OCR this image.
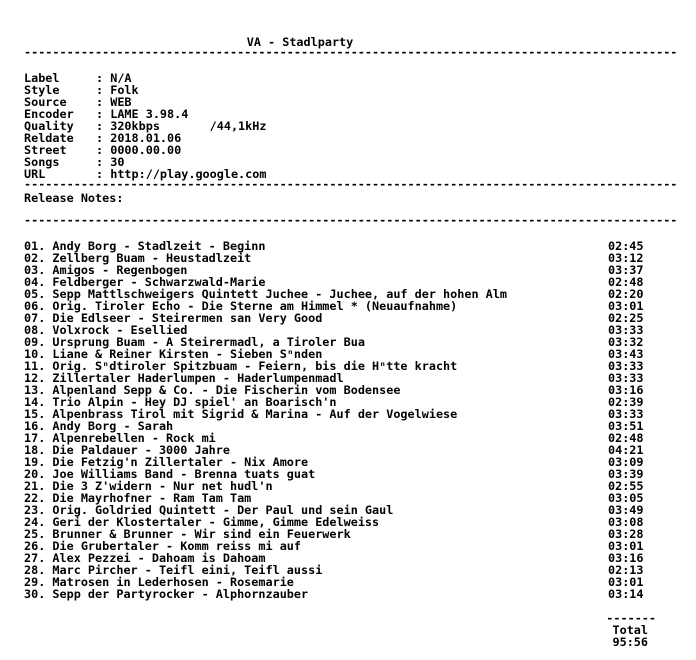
VA - Stadlparty
--------------------------------------------------------------------------------------------
Label	: N/A
Style	: Folk
Source : WEB
Encoder : LAME 3.98.4
Quality : 320kbps       /44,1kHz
Reldate : 2018.01.06
Street : 0000.00.00
Songs	: 30
URL	: http://play.google.com
--------------------------------------------------------------------------------------------
Release Notes:
--------------------------------------------------------------------------------------------
01. Andy Borg - Stadlzeit - Beginn	02:45
02. Zellberg Buam - Heustadlzeit	03:12
03. Amigos - Regenbogen	03:37
04. Feldberger - Schwarzwald-Marie	02:48
05. Sepp Mattlschweigers Quintett Juchee - Juchee, auf der hohen Alm	02:20
06. Orig. Tiroler Echo - Die Sterne am Himmel * (Neuaufnahme)	03:01
07. Die Edlseer - Steirermen san Very Good	02:25
08. Volxrock - Esellied	03:33
09. Ursprung Buam - A Steirermadl, a Tiroler Bua	03:32
10. Liane & Reiner Kirsten - Sieben Sⁿnden	03:43
11. Orig. Sⁿdtiroler Spitzbuam - Feiern, bis die Hⁿtte kracht	03:33
12. Zillertaler Haderlumpen - Haderlumpenmadl	03:33
13. Alpenland Sepp & Co. - Die Fischerin vom Bodensee	03:16
14. Trio Alpin - Hey DJ spiel' an Boarisch'n	02:39
15. Alpenbrass Tirol mit Sigrid & Marina - Auf der Vogelwiese	03:33
16. Andy Borg - Sarah	03:51
17. Alpenrebellen - Rock mi	02:48
18. Die Paldauer - 3000 Jahre	04:21
19. Die Fetzig'n Zillertaler - Nix Amore	03:09
20. Joe Williams Band - Brenna tuats guat	03:39
21. Die 3 Z'widern - Nur net hudl'n	02:55
22. Die Mayrhofner - Ram Tam Tam	03:05
23. Orig. Goldried Quintett - Der Paul und sein Gaul	03:49
24. Geri der Klostertaler - Gimme, Gimme Edelweiss	03:08
25. Brunner & Brunner - Wir sind ein Feuerwerk	03:28
26. Die Grubertaler - Komm reiss mi auf	03:01
27. Alex Pezzei - Dahoam is Dahoam	03:16
28. Marc Pircher - Teifl eini, Teifl aussi	02:13
29. Matrosen in Lederhosen - Rosemarie	03:01
30. Sepp der Partyrocker - Alphornzauber	03:14
-------
Total
95:56
